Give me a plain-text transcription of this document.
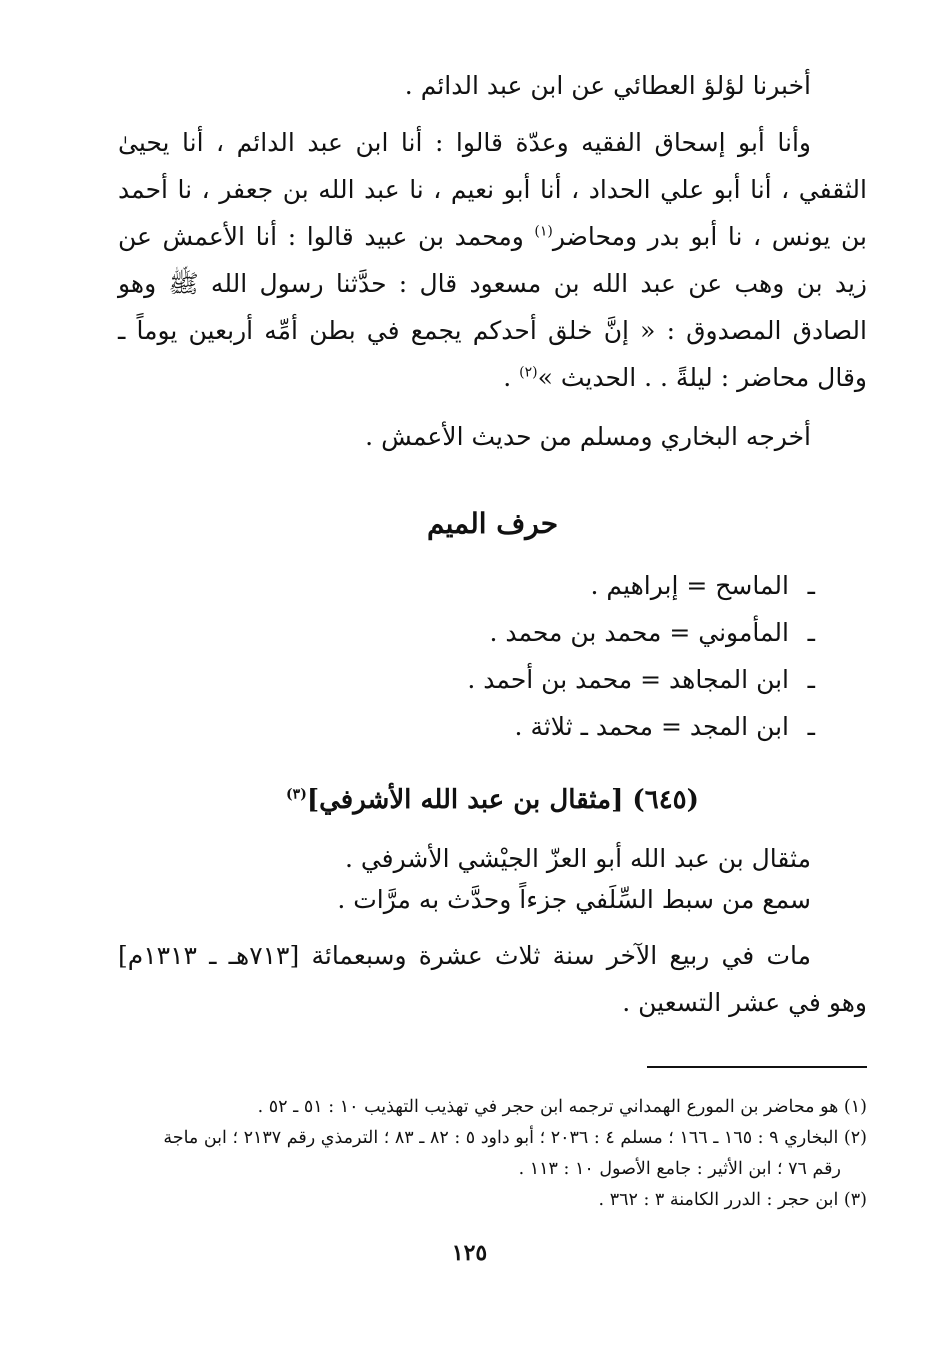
أخبرنا لؤلؤ العطائي عن ابن عبد الدائم .

وأنا أبو إسحاق الفقيه وعدّة قالوا : أنا ابن عبد الدائم ، أنا يحيىٰ الثقفي ، أنا أبو علي الحداد ، أنا أبو نعيم ، نا عبد الله بن جعفر ، نا أحمد بن يونس ، نا أبو بدر ومحاضر$^{(١)}$ ومحمد بن عبيد قالوا : أنا الأعمش عن زيد بن وهب عن عبد الله بن مسعود قال : حدَّثنا رسول الله ﷺ وهو الصادق المصدوق : « إنَّ خلق أحدكم يجمع في بطن أمِّه أربعين يوماً ـ وقال محاضر : ليلةً . . الحديث »$^{(٢)}$ .

أخرجه البخاري ومسلم من حديث الأعمش .

حرف الميم
ـالماسح = إبراهيم .
ـالمأموني = محمد بن محمد .
ـابن المجاهد = محمد بن أحمد .
ـابن المجد = محمد ـ ثلاثة .
(٦٤٥) [مثقال بن عبد الله الأشرفي]$^{(٣)}$

مثقال بن عبد الله أبو العزّ الجيْشي الأشرفي .

سمع من سبط السِّلَفي جزءاً وحدَّث به مرَّات .

مات في ربيع الآخر سنة ثلاث عشرة وسبعمائة [٧١٣هـ ـ ١٣١٣م] وهو في عشر التسعين .

(١) هو محاضر بن المورع الهمداني ترجمه ابن حجر في تهذيب التهذيب ١٠ : ٥١ ـ ٥٢ .

(٢) البخاري ٩ : ١٦٥ ـ ١٦٦ ؛ مسلم ٤ : ٢٠٣٦ ؛ أبو داود ٥ : ٨٢ ـ ٨٣ ؛ الترمذي رقم ٢١٣٧ ؛ ابن ماجة

رقم ٧٦ ؛ ابن الأثير : جامع الأصول ١٠ : ١١٣ .

(٣) ابن حجر : الدرر الكامنة ٣ : ٣٦٢ .

١٢٥
